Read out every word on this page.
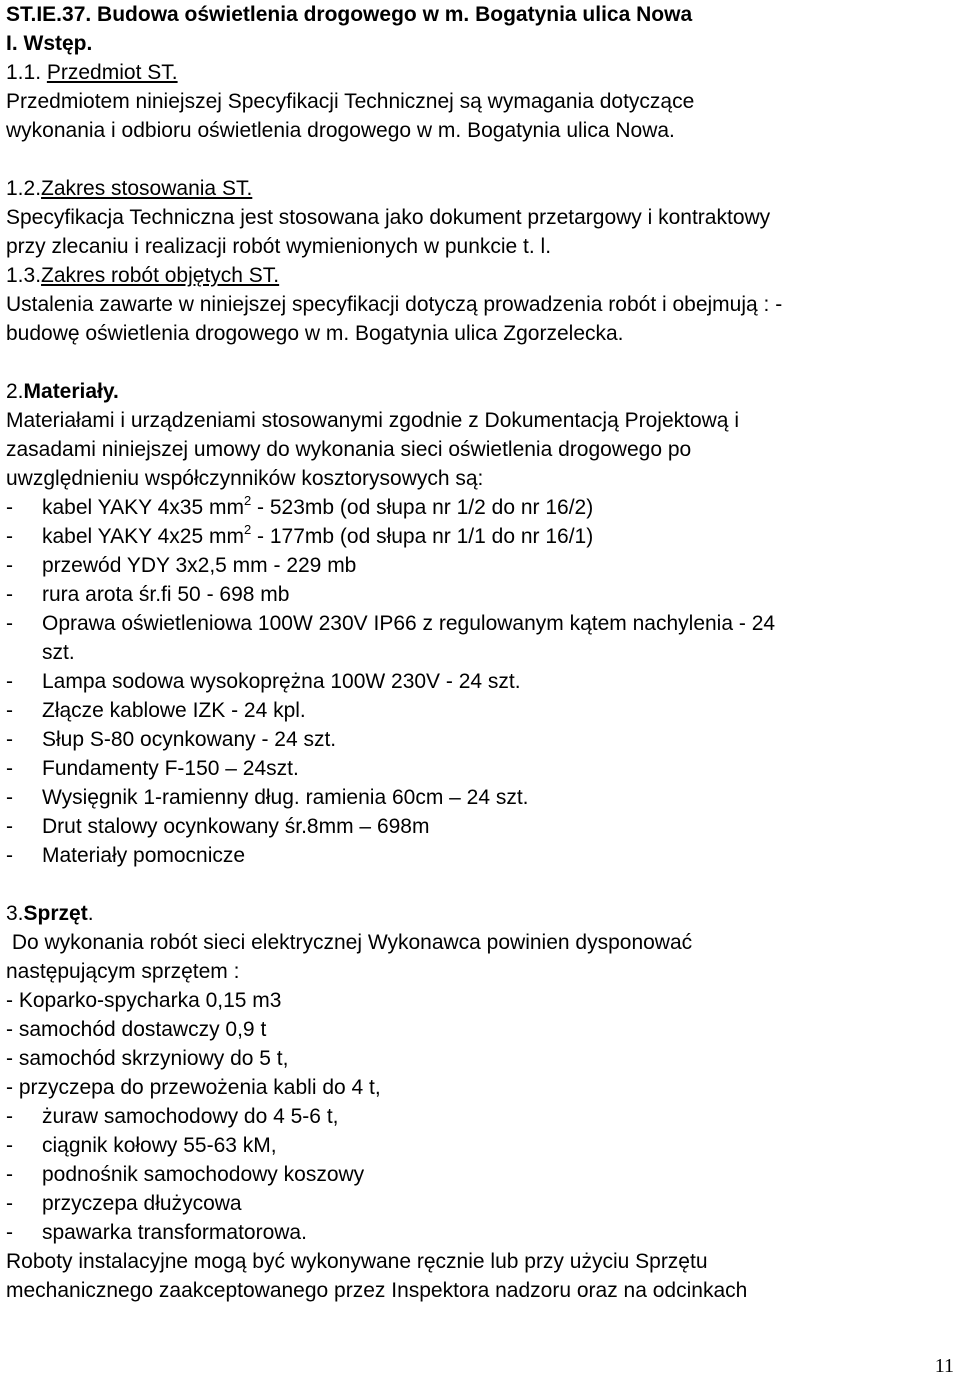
ST.IE.37. Budowa oświetlenia drogowego w m. Bogatynia ulica Nowa
I. Wstęp.
1.1. Przedmiot ST.
Przedmiotem niniejszej Specyfikacji Technicznej są wymagania dotyczące
wykonania i odbioru oświetlenia drogowego w m. Bogatynia ulica Nowa.
1.2.Zakres stosowania ST.
Specyfikacja Techniczna jest stosowana jako dokument przetargowy i kontraktowy
przy zlecaniu i realizacji robót wymienionych w punkcie t. l.
1.3.Zakres robót objętych ST.
Ustalenia zawarte w niniejszej specyfikacji dotyczą prowadzenia robót i obejmują : -
budowę oświetlenia drogowego w m. Bogatynia ulica Zgorzelecka.
2.Materiały.
Materiałami i urządzeniami stosowanymi zgodnie z Dokumentacją Projektową i
zasadami niniejszej umowy do wykonania sieci oświetlenia drogowego po
uwzględnieniu współczynników kosztorysowych są:
-	kabel YAKY 4x35 $mm^2 - 523mb$ (od słupa nr 1/2 do nr 16/2)
-	kabel YAKY 4x25 $mm^2 - 177mb$ (od słupa nr 1/1 do nr 16/1)
-	przewód YDY 3x2,5 mm - 229 mb
-	rura arota śr.fi 50 - 698 mb
-	Oprawa oświetleniowa 100W 230V IP66 z regulowanym kątem nachylenia - 24
szt.
-	Lampa sodowa wysokoprężna 100W 230V - 24 szt.
-	Złącze kablowe IZK - 24 kpl.
-	Słup S-80 ocynkowany - 24 szt.
-	Fundamenty F-150 – 24szt.
-	Wysięgnik 1-ramienny dług. ramienia 60cm – 24 szt.
-	Drut stalowy ocynkowany śr.8mm – 698m
-	Materiały pomocnicze
3.Sprzęt.
Do wykonania robót sieci elektrycznej Wykonawca powinien dysponować
następującym sprzętem :
- Koparko-spycharka 0,15 m3
- samochód dostawczy 0,9 t
- samochód skrzyniowy do 5 t,
- przyczepa do przewożenia kabli do 4 t,
-	żuraw samochodowy do 4 5-6 t,
-	ciągnik kołowy 55-63 kM,
-	podnośnik samochodowy koszowy
-	przyczepa dłużycowa
-	spawarka transformatorowa.
Roboty instalacyjne mogą być wykonywane ręcznie lub przy użyciu Sprzętu
mechanicznego zaakceptowanego przez Inspektora nadzoru oraz na odcinkach
11
